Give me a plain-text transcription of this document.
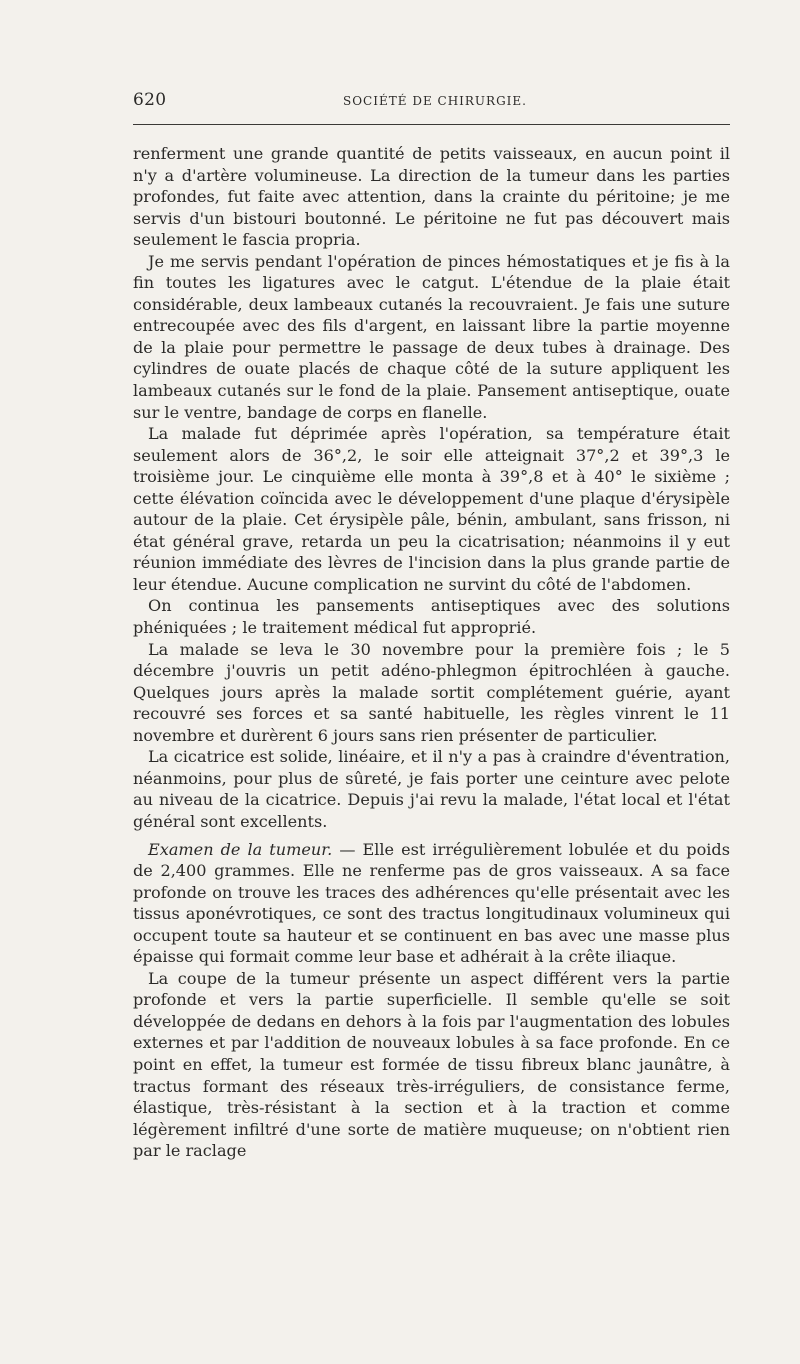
620	SOCIÉTÉ DE CHIRURGIE.

renferment une grande quantité de petits vaisseaux, en aucun point il n'y a d'artère volumineuse. La direction de la tumeur dans les parties profondes, fut faite avec attention, dans la crainte du péritoine; je me servis d'un bistouri boutonné. Le péritoine ne fut pas découvert mais seulement le fascia propria.

Je me servis pendant l'opération de pinces hémostatiques et je fis à la fin toutes les ligatures avec le catgut. L'étendue de la plaie était considérable, deux lambeaux cutanés la recouvraient. Je fais une suture entrecoupée avec des fils d'argent, en laissant libre la partie moyenne de la plaie pour permettre le passage de deux tubes à drainage. Des cylindres de ouate placés de chaque côté de la suture appliquent les lambeaux cutanés sur le fond de la plaie. Pansement antiseptique, ouate sur le ventre, bandage de corps en flanelle.

La malade fut déprimée après l'opération, sa température était seulement alors de 36°,2, le soir elle atteignait 37°,2 et 39°,3 le troisième jour. Le cinquième elle monta à 39°,8 et à 40° le sixième ; cette élévation coïncida avec le développement d'une plaque d'érysipèle autour de la plaie. Cet érysipèle pâle, bénin, ambulant, sans frisson, ni état général grave, retarda un peu la cicatrisation; néanmoins il y eut réunion immédiate des lèvres de l'incision dans la plus grande partie de leur étendue. Aucune complication ne survint du côté de l'abdomen.

On continua les pansements antiseptiques avec des solutions phéniquées ; le traitement médical fut approprié.

La malade se leva le 30 novembre pour la première fois ; le 5 décembre j'ouvris un petit adéno-phlegmon épitrochléen à gauche. Quelques jours après la malade sortit complétement guérie, ayant recouvré ses forces et sa santé habituelle, les règles vinrent le 11 novembre et durèrent 6 jours sans rien présenter de particulier.

La cicatrice est solide, linéaire, et il n'y a pas à craindre d'éventration, néanmoins, pour plus de sûreté, je fais porter une ceinture avec pelote au niveau de la cicatrice. Depuis j'ai revu la malade, l'état local et l'état général sont excellents.

Examen de la tumeur. — Elle est irrégulièrement lobulée et du poids de 2,400 grammes. Elle ne renferme pas de gros vaisseaux. A sa face profonde on trouve les traces des adhérences qu'elle présentait avec les tissus aponévrotiques, ce sont des tractus longitudinaux volumineux qui occupent toute sa hauteur et se continuent en bas avec une masse plus épaisse qui formait comme leur base et adhérait à la crête iliaque.

La coupe de la tumeur présente un aspect différent vers la partie profonde et vers la partie superficielle. Il semble qu'elle se soit développée de dedans en dehors à la fois par l'augmentation des lobules externes et par l'addition de nouveaux lobules à sa face profonde. En ce point en effet, la tumeur est formée de tissu fibreux blanc jaunâtre, à tractus formant des réseaux très-irréguliers, de consistance ferme, élastique, très-résistant à la section et à la traction et comme légèrement infiltré d'une sorte de matière muqueuse; on n'obtient rien par le raclage
